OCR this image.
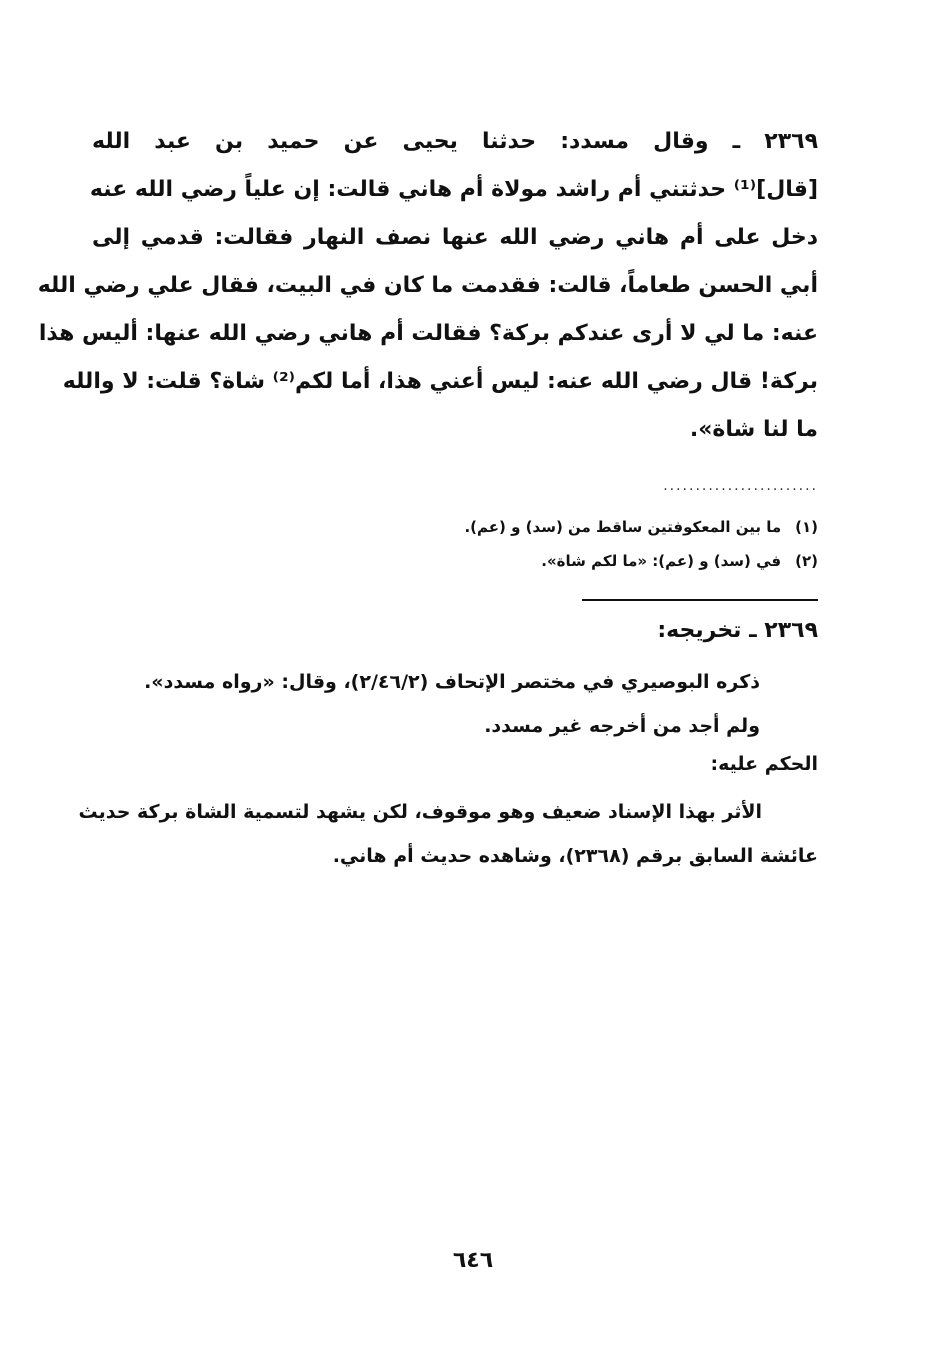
٢٣٦٩ ـ وقال مسدد: حدثنا يحيى عن حميد بن عبد الله
[قال]⁽¹⁾ حدثتني أم راشد مولاة أم هاني قالت: إن علياً رضي الله عنه
دخل على أم هاني رضي الله عنها نصف النهار فقالت: قدمي إلى
أبي الحسن طعاماً، قالت: فقدمت ما كان في البيت، فقال علي رضي الله
عنه: ما لي لا أرى عندكم بركة؟ فقالت أم هاني رضي الله عنها: أليس هذا
بركة! قال رضي الله عنه: ليس أعني هذا، أما لكم⁽²⁾ شاة؟ قلت: لا والله
ما لنا شاة».
........................
(١)ما بين المعكوفتين ساقط من (سد) و (عم).
(٢)في (سد) و (عم): «ما لكم شاة».
٢٣٦٩ ـ تخريجه:
ذكره البوصيري في مختصر الإتحاف (٢/٤٦/٢)، وقال: «رواه مسدد».
ولم أجد من أخرجه غير مسدد.
الحكم عليه:
الأثر بهذا الإسناد ضعيف وهو موقوف، لكن يشهد لتسمية الشاة بركة حديث
عائشة السابق برقم (٢٣٦٨)، وشاهده حديث أم هاني.
٦٤٦
